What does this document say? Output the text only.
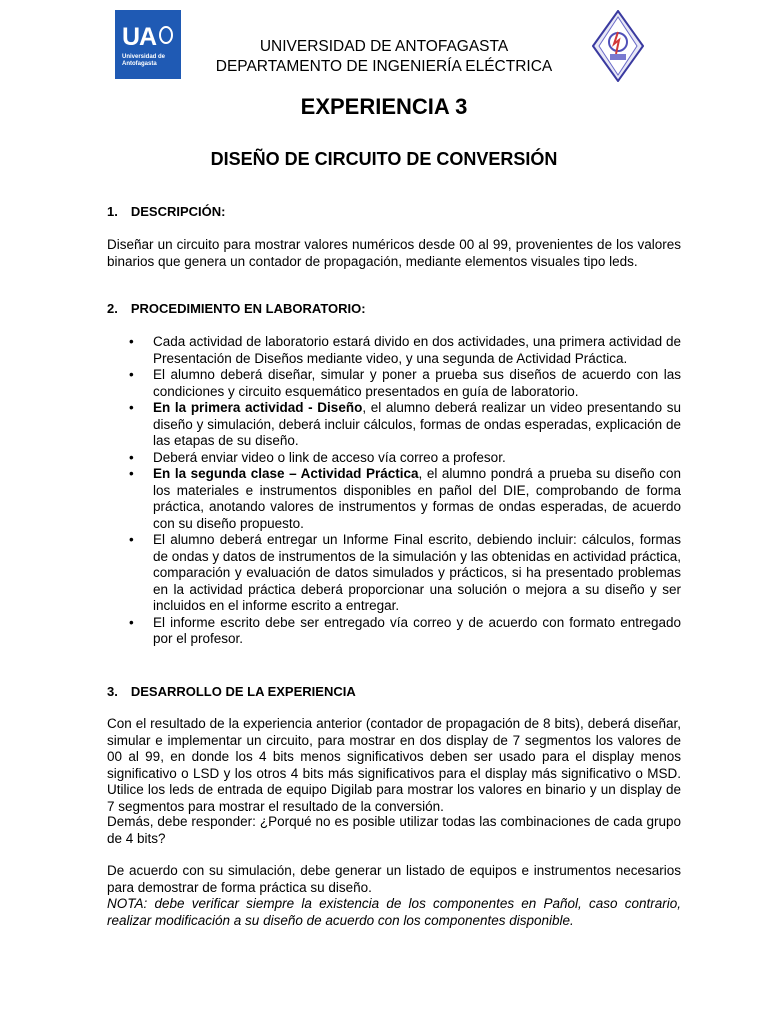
UA
Universidad de Antofagasta
UNIVERSIDAD DE ANTOFAGASTA
DEPARTAMENTO DE INGENIERÍA ELÉCTRICA
EXPERIENCIA 3
DISEÑO DE CIRCUITO DE CONVERSIÓN
1. DESCRIPCIÓN:

Diseñar un circuito para mostrar valores numéricos desde 00 al 99, provenientes de los valores binarios que genera un contador de propagación, mediante elementos visuales tipo leds.

2. PROCEDIMIENTO EN LABORATORIO:
• Cada actividad de laboratorio estará divido en dos actividades, una primera actividad de Presentación de Diseños mediante video, y una segunda de Actividad Práctica.
• El alumno deberá diseñar, simular y poner a prueba sus diseños de acuerdo con las condiciones y circuito esquemático presentados en guía de laboratorio.
• En la primera actividad - Diseño, el alumno deberá realizar un video presentando su diseño y simulación, deberá incluir cálculos, formas de ondas esperadas, explicación de las etapas de su diseño.
• Deberá enviar video o link de acceso vía correo a profesor.
• En la segunda clase – Actividad Práctica, el alumno pondrá a prueba su diseño con los materiales e instrumentos disponibles en pañol del DIE, comprobando de forma práctica, anotando valores de instrumentos y formas de ondas esperadas, de acuerdo con su diseño propuesto.
• El alumno deberá entregar un Informe Final escrito, debiendo incluir: cálculos, formas de ondas y datos de instrumentos de la simulación y las obtenidas en actividad práctica, comparación y evaluación de datos simulados y prácticos, si ha presentado problemas en la actividad práctica deberá proporcionar una solución o mejora a su diseño y ser incluidos en el informe escrito a entregar.
• El informe escrito debe ser entregado vía correo y de acuerdo con formato entregado por el profesor.
3. DESARROLLO DE LA EXPERIENCIA

Con el resultado de la experiencia anterior (contador de propagación de 8 bits), deberá diseñar, simular e implementar un circuito, para mostrar en dos display de 7 segmentos los valores de 00 al 99, en donde los 4 bits menos significativos deben ser usado para el display menos significativo o LSD y los otros 4 bits más significativos para el display más significativo o MSD. Utilice los leds de entrada de equipo Digilab para mostrar los valores en binario y un display de 7 segmentos para mostrar el resultado de la conversión.

Demás, debe responder: ¿Porqué no es posible utilizar todas las combinaciones de cada grupo de 4 bits?

De acuerdo con su simulación, debe generar un listado de equipos e instrumentos necesarios para demostrar de forma práctica su diseño.

NOTA: debe verificar siempre la existencia de los componentes en Pañol, caso contrario, realizar modificación a su diseño de acuerdo con los componentes disponible.
